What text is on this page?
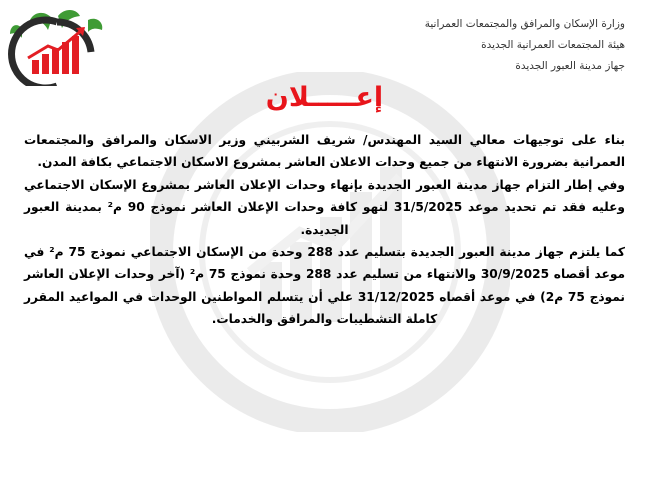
وزارة الإسكان والمرافق والمجتمعات العمرانية
هيئة المجتمعات العمرانية الجديدة
جهاز مدينة العبور الجديدة
إعـــــلان

بناء على توجيهات معالي السيد المهندس/ شريف الشربيني وزير الاسكان والمرافق والمجتمعات العمرانية بضرورة الانتهاء من جميع وحدات الاعلان العاشر بمشروع الاسكان الاجتماعي بكافة المدن.

وفي إطار التزام جهاز مدينة العبور الجديدة بإنهاء وحدات الإعلان العاشر بمشروع الإسكان الاجتماعي وعليه فقد تم تحديد موعد 31/5/2025 لنهو كافة وحدات الإعلان العاشر نموذج 90 م² بمدينة العبور الجديدة.

كما يلتزم جهاز مدينة العبور الجديدة بتسليم عدد 288 وحدة من الإسكان الاجتماعي نموذج 75 م² في موعد أقصاه 30/9/2025 والانتهاء من تسليم عدد 288 وحدة نموذج 75 م² (آخر وحدات الإعلان العاشر نموذج 75 م2) في موعد أقصاه 31/12/2025 علي أن يتسلم المواطنين الوحدات في المواعيد المقرر كاملة التشطيبات والمرافق والخدمات.
